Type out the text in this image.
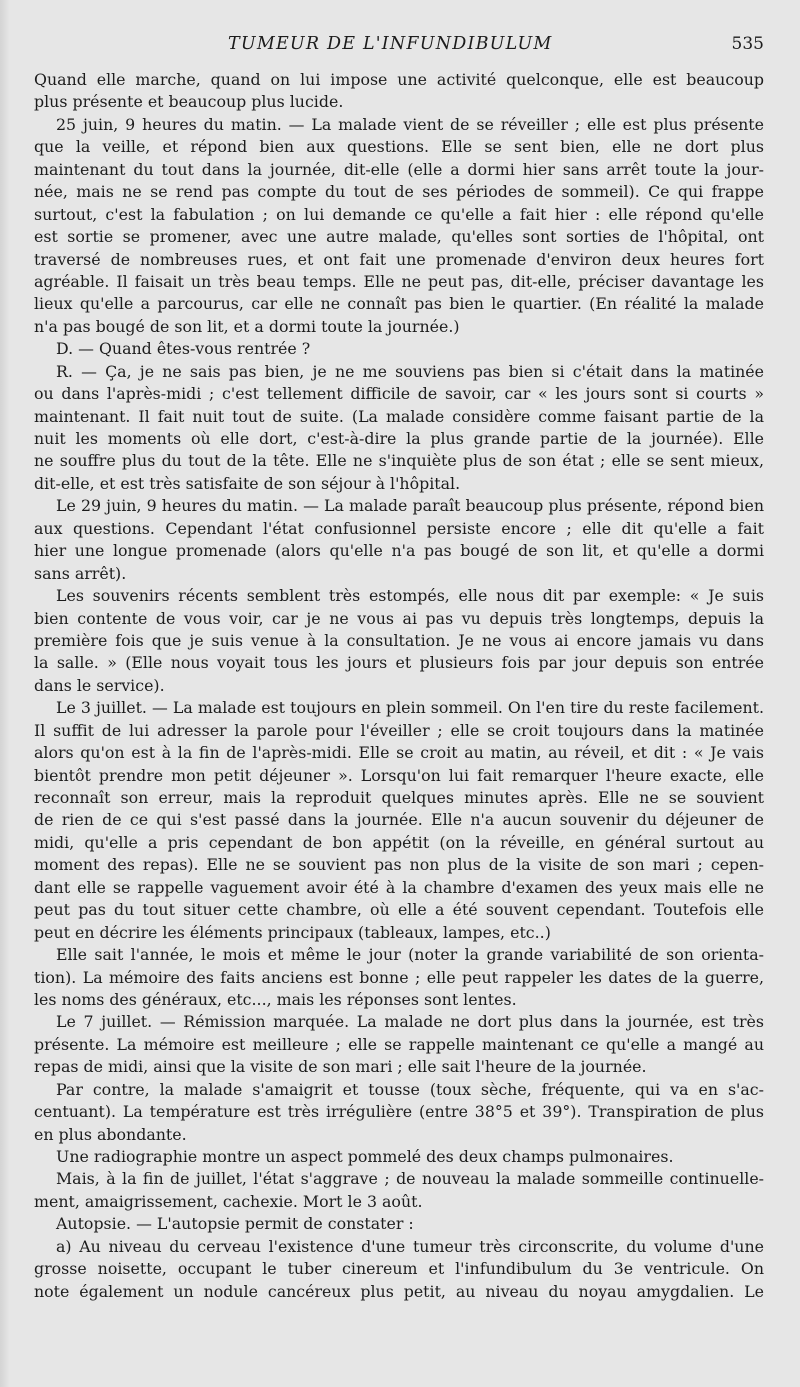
TUMEUR DE L'INFUNDIBULUM	535
Quand elle marche, quand on lui impose une activité quelconque, elle est beaucoup
plus présente et beaucoup plus lucide.
25 juin, 9 heures du matin. — La malade vient de se réveiller ; elle est plus présente
que la veille, et répond bien aux questions. Elle se sent bien, elle ne dort plus
maintenant du tout dans la journée, dit-elle (elle a dormi hier sans arrêt toute la jour-
née, mais ne se rend pas compte du tout de ses périodes de sommeil). Ce qui frappe
surtout, c'est la fabulation ; on lui demande ce qu'elle a fait hier : elle répond qu'elle
est sortie se promener, avec une autre malade, qu'elles sont sorties de l'hôpital, ont
traversé de nombreuses rues, et ont fait une promenade d'environ deux heures fort
agréable. Il faisait un très beau temps. Elle ne peut pas, dit-elle, préciser davantage les
lieux qu'elle a parcourus, car elle ne connaît pas bien le quartier. (En réalité la malade
n'a pas bougé de son lit, et a dormi toute la journée.)
D. — Quand êtes-vous rentrée ?
R. — Ça, je ne sais pas bien, je ne me souviens pas bien si c'était dans la matinée
ou dans l'après-midi ; c'est tellement difficile de savoir, car « les jours sont si courts »
maintenant. Il fait nuit tout de suite. (La malade considère comme faisant partie de la
nuit les moments où elle dort, c'est-à-dire la plus grande partie de la journée). Elle
ne souffre plus du tout de la tête. Elle ne s'inquiète plus de son état ; elle se sent mieux,
dit-elle, et est très satisfaite de son séjour à l'hôpital.
Le 29 juin, 9 heures du matin. — La malade paraît beaucoup plus présente, répond bien
aux questions. Cependant l'état confusionnel persiste encore ; elle dit qu'elle a fait
hier une longue promenade (alors qu'elle n'a pas bougé de son lit, et qu'elle a dormi
sans arrêt).
Les souvenirs récents semblent très estompés, elle nous dit par exemple: « Je suis
bien contente de vous voir, car je ne vous ai pas vu depuis très longtemps, depuis la
première fois que je suis venue à la consultation. Je ne vous ai encore jamais vu dans
la salle. » (Elle nous voyait tous les jours et plusieurs fois par jour depuis son entrée
dans le service).
Le 3 juillet. — La malade est toujours en plein sommeil. On l'en tire du reste facilement.
Il suffit de lui adresser la parole pour l'éveiller ; elle se croit toujours dans la matinée
alors qu'on est à la fin de l'après-midi. Elle se croit au matin, au réveil, et dit : « Je vais
bientôt prendre mon petit déjeuner ». Lorsqu'on lui fait remarquer l'heure exacte, elle
reconnaît son erreur, mais la reproduit quelques minutes après. Elle ne se souvient
de rien de ce qui s'est passé dans la journée. Elle n'a aucun souvenir du déjeuner de
midi, qu'elle a pris cependant de bon appétit (on la réveille, en général surtout au
moment des repas). Elle ne se souvient pas non plus de la visite de son mari ; cepen-
dant elle se rappelle vaguement avoir été à la chambre d'examen des yeux mais elle ne
peut pas du tout situer cette chambre, où elle a été souvent cependant. Toutefois elle
peut en décrire les éléments principaux (tableaux, lampes, etc..)
Elle sait l'année, le mois et même le jour (noter la grande variabilité de son orienta-
tion). La mémoire des faits anciens est bonne ; elle peut rappeler les dates de la guerre,
les noms des généraux, etc..., mais les réponses sont lentes.
Le 7 juillet. — Rémission marquée. La malade ne dort plus dans la journée, est très
présente. La mémoire est meilleure ; elle se rappelle maintenant ce qu'elle a mangé au
repas de midi, ainsi que la visite de son mari ; elle sait l'heure de la journée.
Par contre, la malade s'amaigrit et tousse (toux sèche, fréquente, qui va en s'ac-
centuant). La température est très irrégulière (entre 38°5 et 39°). Transpiration de plus
en plus abondante.
Une radiographie montre un aspect pommelé des deux champs pulmonaires.
Mais, à la fin de juillet, l'état s'aggrave ; de nouveau la malade sommeille continuelle-
ment, amaigrissement, cachexie. Mort le 3 août.
Autopsie. — L'autopsie permit de constater :
a) Au niveau du cerveau l'existence d'une tumeur très circonscrite, du volume d'une
grosse noisette, occupant le tuber cinereum et l'infundibulum du 3e ventricule. On
note également un nodule cancéreux plus petit, au niveau du noyau amygdalien. Le
